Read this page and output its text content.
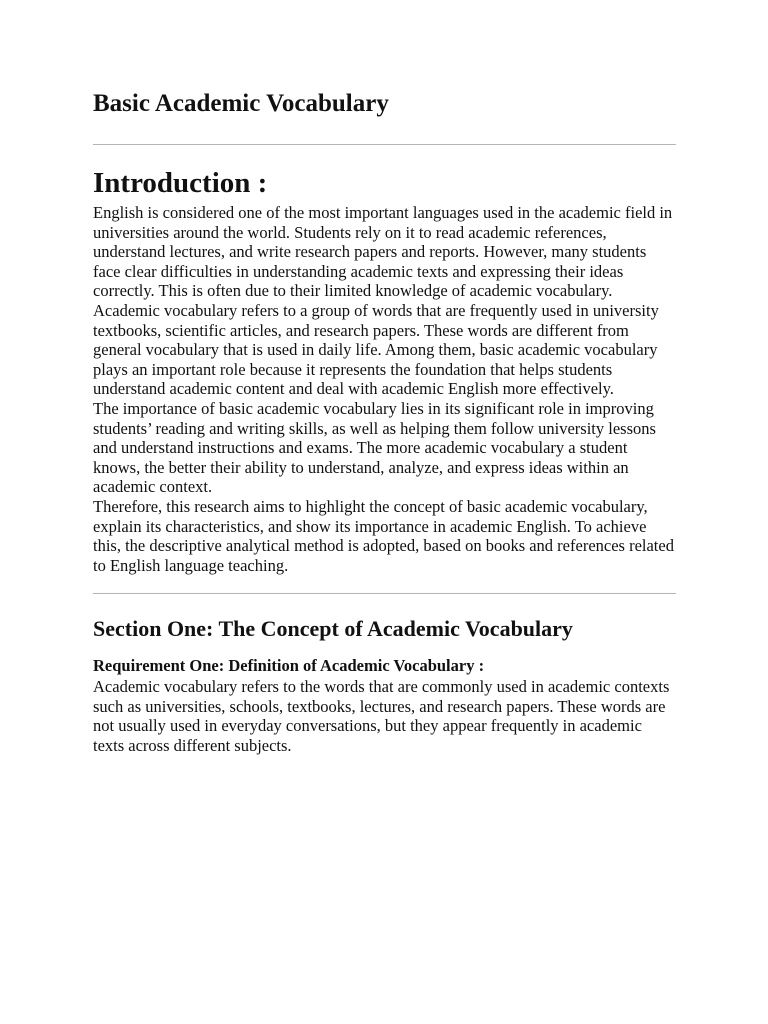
Basic Academic Vocabulary
Introduction :

English is considered one of the most important languages used in the academic field in universities around the world. Students rely on it to read academic references, understand lectures, and write research papers and reports. However, many students face clear difficulties in understanding academic texts and expressing their ideas correctly. This is often due to their limited knowledge of academic vocabulary.

Academic vocabulary refers to a group of words that are frequently used in university textbooks, scientific articles, and research papers. These words are different from general vocabulary that is used in daily life. Among them, basic academic vocabulary plays an important role because it represents the foundation that helps students understand academic content and deal with academic English more effectively.

The importance of basic academic vocabulary lies in its significant role in improving students’ reading and writing skills, as well as helping them follow university lessons and understand instructions and exams. The more academic vocabulary a student knows, the better their ability to understand, analyze, and express ideas within an academic context.

Therefore, this research aims to highlight the concept of basic academic vocabulary, explain its characteristics, and show its importance in academic English. To achieve this, the descriptive analytical method is adopted, based on books and references related to English language teaching.

Section One: The Concept of Academic Vocabulary
Requirement One: Definition of Academic Vocabulary :

Academic vocabulary refers to the words that are commonly used in academic contexts such as universities, schools, textbooks, lectures, and research papers. These words are not usually used in everyday conversations, but they appear frequently in academic texts across different subjects.
